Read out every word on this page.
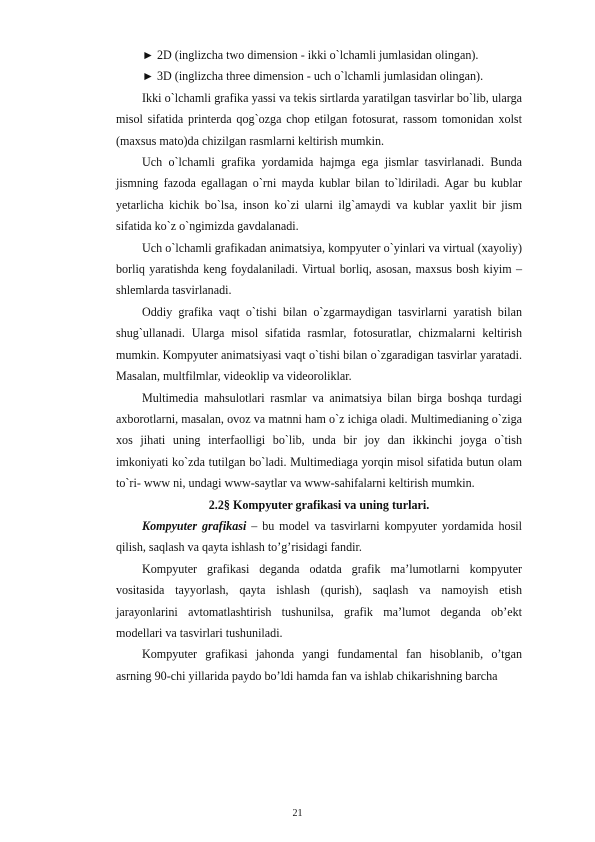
► 2D (inglizcha two dimension - ikki o`lchamli jumlasidan olingan).

► 3D (inglizcha three dimension - uch o`lchamli jumlasidan olingan).

Ikki o`lchamli grafika yassi va tekis sirtlarda yaratilgan tasvirlar bo`lib, ularga misol sifatida printerda qog`ozga chop etilgan fotosurat, rassom tomonidan xolst (maxsus mato)da chizilgan rasmlarni keltirish mumkin.

Uch o`lchamli grafika yordamida hajmga ega jismlar tasvirlanadi. Bunda jismning fazoda egallagan o`rni mayda kublar bilan to`ldiriladi. Agar bu kublar yetarlicha kichik bo`lsa, inson ko`zi ularni ilg`amaydi va kublar yaxlit bir jism sifatida ko`z o`ngimizda gavdalanadi.

Uch o`lchamli grafikadan animatsiya, kompyuter o`yinlari va virtual (xayoliy) borliq yaratishda keng foydalaniladi. Virtual borliq, asosan, maxsus bosh kiyim – shlemlarda tasvirlanadi.

Oddiy grafika vaqt o`tishi bilan o`zgarmaydigan tasvirlarni yaratish bilan shug`ullanadi. Ularga misol sifatida rasmlar, fotosuratlar, chizmalarni keltirish mumkin. Kompyuter animatsiyasi vaqt o`tishi bilan o`zgaradigan tasvirlar yaratadi. Masalan, multfilmlar, videoklip va videoroliklar.

Multimedia mahsulotlari rasmlar va animatsiya bilan birga boshqa turdagi axborotlarni, masalan, ovoz va matnni ham o`z ichiga oladi. Multimedianing o`ziga xos jihati uning interfaolligi bo`lib, unda bir joy dan ikkinchi joyga o`tish imkoniyati ko`zda tutilgan bo`ladi. Multimediaga yorqin misol sifatida butun olam to`ri- www ni, undagi www-saytlar va www-sahifalarni keltirish mumkin.

2.2§ Kompyuter grafikasi va uning turlari.

Kompyuter grafikasi – bu model va tasvirlarni kompyuter yordamida hosil qilish, saqlash va qayta ishlash to’g’risidagi fandir.

Kompyuter grafikasi deganda odatda grafik ma’lumotlarni kompyuter vositasida tayyorlash, qayta ishlash (qurish), saqlash va namoyish etish jarayonlarini avtomatlashtirish tushunilsa, grafik ma’lumot deganda ob’ekt modellari va tasvirlari tushuniladi.

Kompyuter grafikasi jahonda yangi fundamental fan hisoblanib, o’tgan asrning 90-chi yillarida paydo bo’ldi hamda fan va ishlab chikarishning barcha

21
